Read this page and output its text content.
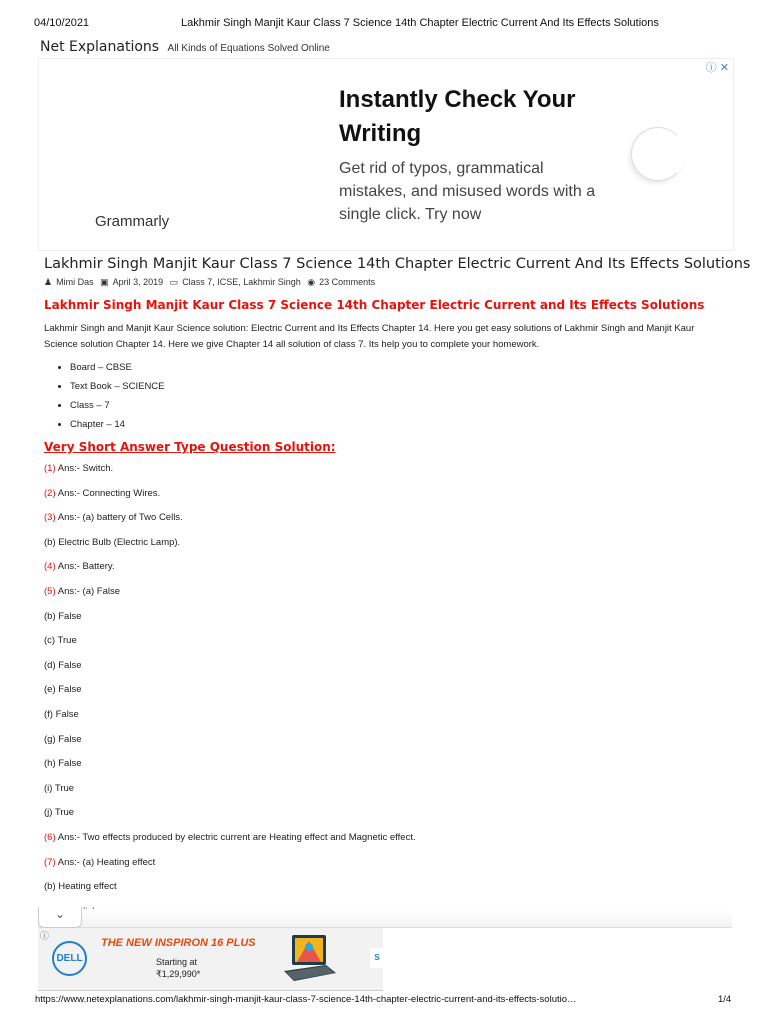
04/10/2021	Lakhmir Singh Manjit Kaur Class 7 Science 14th Chapter Electric Current And Its Effects Solutions
Net Explanations All Kinds of Equations Solved Online
ⓘ ✕
Instantly Check Your Writing
Get rid of typos, grammatical mistakes, and misused words with a single click. Try now
Grammarly
Lakhmir Singh Manjit Kaur Class 7 Science 14th Chapter Electric Current And Its Effects Solutions
♟ Mimi Das ▣ April 3, 2019 ▭ Class 7, ICSE, Lakhmir Singh ◉ 23 Comments
Lakhmir Singh Manjit Kaur Class 7 Science 14th Chapter Electric Current and Its Effects Solutions
Lakhmir Singh and Manjit Kaur Science solution: Electric Current and Its Effects Chapter 14. Here you get easy solutions of Lakhmir Singh and Manjit Kaur Science solution Chapter 14. Here we give Chapter 14 all solution of class 7. Its help you to complete your homework.
• Board – CBSE
• Text Book – SCIENCE
• Class – 7
• Chapter – 14
Very Short Answer Type Question Solution:
(1) Ans:- Switch.
(2) Ans:- Connecting Wires.
(3) Ans:- (a) battery of Two Cells.
(b) Electric Bulb (Electric Lamp).
(4) Ans:- Battery.
(5) Ans:- (a) False
(b) False
(c) True
(d) False
(e) False
(f) False
(g) False
(h) False
(i) True
(j) True
(6) Ans:- Two effects produced by electric current are Heating effect and Magnetic effect.
(7) Ans:- (a) Heating effect
(b) Heating effect
⌄
ⓘ
DELL
THE NEW INSPIRON 16 PLUS
Starting at
₹1,29,990*
S
https://www.netexplanations.com/lakhmir-singh-manjit-kaur-class-7-science-14th-chapter-electric-current-and-its-effects-solutio…	1/4
